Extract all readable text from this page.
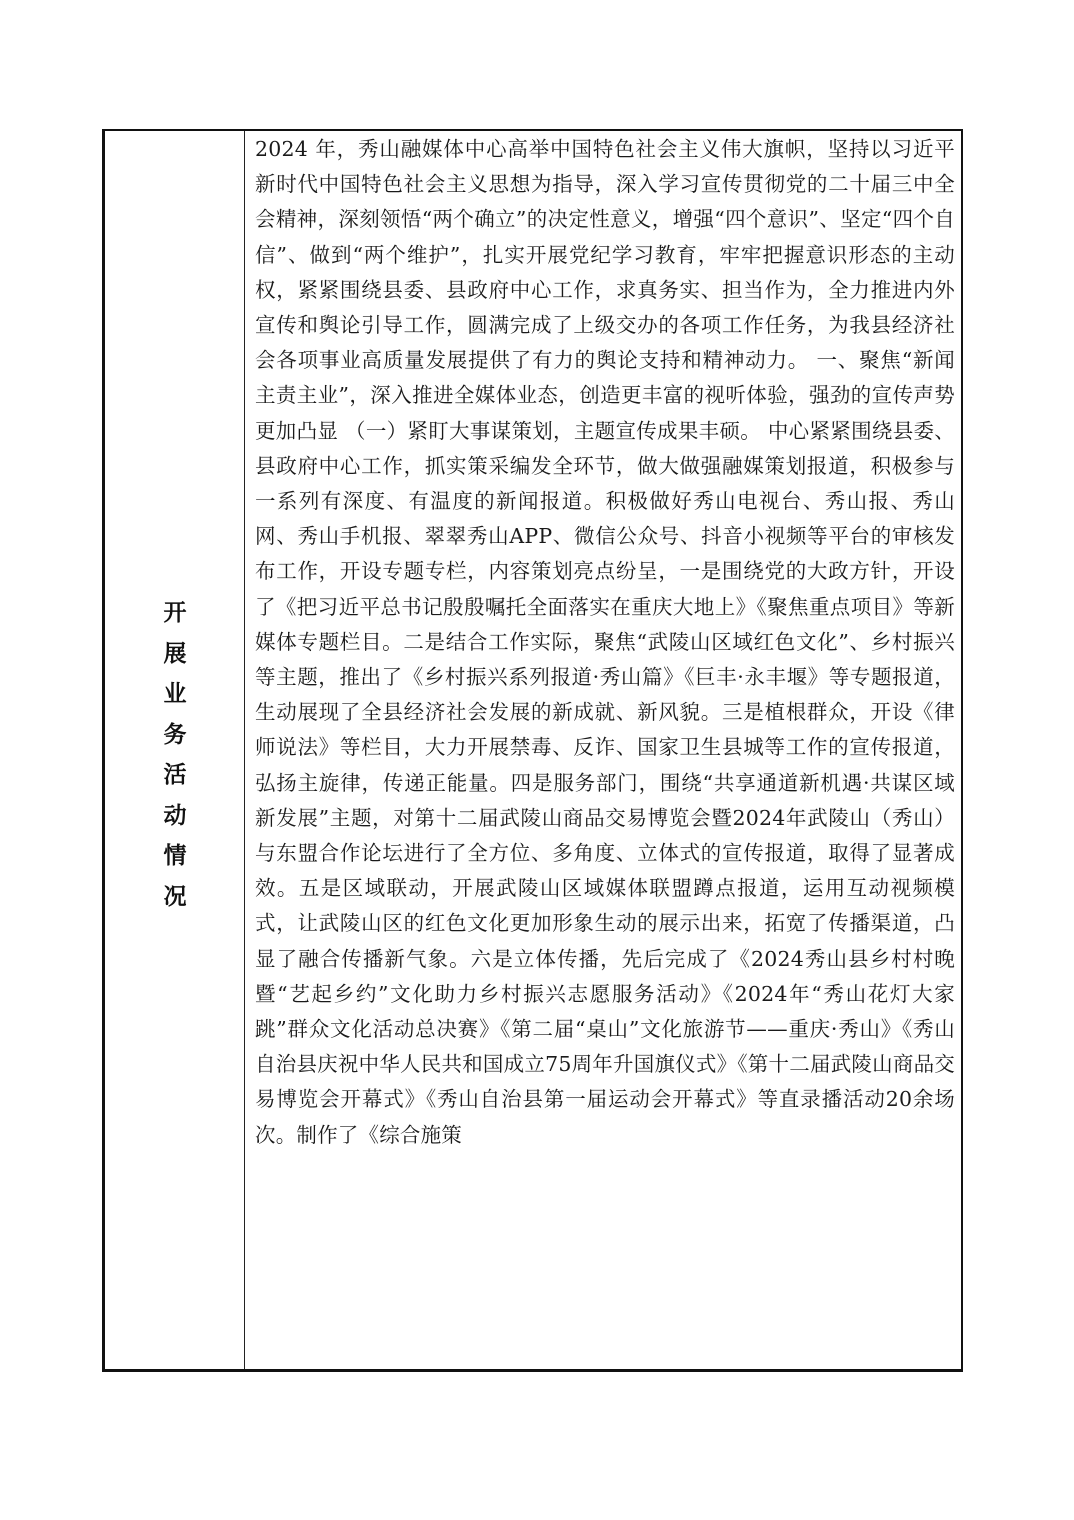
开展业务活动情况

2024 年，秀山融媒体中心高举中国特色社会主义伟大旗帜，坚持以习近平新时代中国特色社会主义思想为指导，深入学习宣传贯彻党的二十届三中全会精神，深刻领悟“两个确立”的决定性意义，增强“四个意识”、坚定“四个自信”、做到“两个维护”，扎实开展党纪学习教育，牢牢把握意识形态的主动权，紧紧围绕县委、县政府中心工作，求真务实、担当作为，全力推进内外宣传和舆论引导工作，圆满完成了上级交办的各项工作任务，为我县经济社会各项事业高质量发展提供了有力的舆论支持和精神动力。 一、聚焦“新闻主责主业”，深入推进全媒体业态，创造更丰富的视听体验，强劲的宣传声势更加凸显 （一）紧盯大事谋策划，主题宣传成果丰硕。 中心紧紧围绕县委、县政府中心工作，抓实策采编发全环节，做大做强融媒策划报道，积极参与一系列有深度、有温度的新闻报道。积极做好秀山电视台、秀山报、秀山网、秀山手机报、翠翠秀山APP、微信公众号、抖音小视频等平台的审核发布工作，开设专题专栏，内容策划亮点纷呈，一是围绕党的大政方针，开设了《把习近平总书记殷殷嘱托全面落实在重庆大地上》《聚焦重点项目》等新媒体专题栏目。二是结合工作实际，聚焦“武陵山区域红色文化”、乡村振兴等主题，推出了《乡村振兴系列报道·秀山篇》《巨丰·永丰堰》等专题报道，生动展现了全县经济社会发展的新成就、新风貌。三是植根群众，开设《律师说法》等栏目，大力开展禁毒、反诈、国家卫生县城等工作的宣传报道，弘扬主旋律，传递正能量。四是服务部门，围绕“共享通道新机遇·共谋区域新发展”主题，对第十二届武陵山商品交易博览会暨2024年武陵山（秀山）与东盟合作论坛进行了全方位、多角度、立体式的宣传报道，取得了显著成效。五是区域联动，开展武陵山区域媒体联盟蹲点报道，运用互动视频模式，让武陵山区的红色文化更加形象生动的展示出来，拓宽了传播渠道，凸显了融合传播新气象。六是立体传播，先后完成了《2024秀山县乡村村晚暨“艺起乡约”文化助力乡村振兴志愿服务活动》《2024年“秀山花灯大家跳”群众文化活动总决赛》《第二届“桌山”文化旅游节——重庆·秀山》《秀山自治县庆祝中华人民共和国成立75周年升国旗仪式》《第十二届武陵山商品交易博览会开幕式》《秀山自治县第一届运动会开幕式》等直录播活动20余场次。制作了《综合施策
